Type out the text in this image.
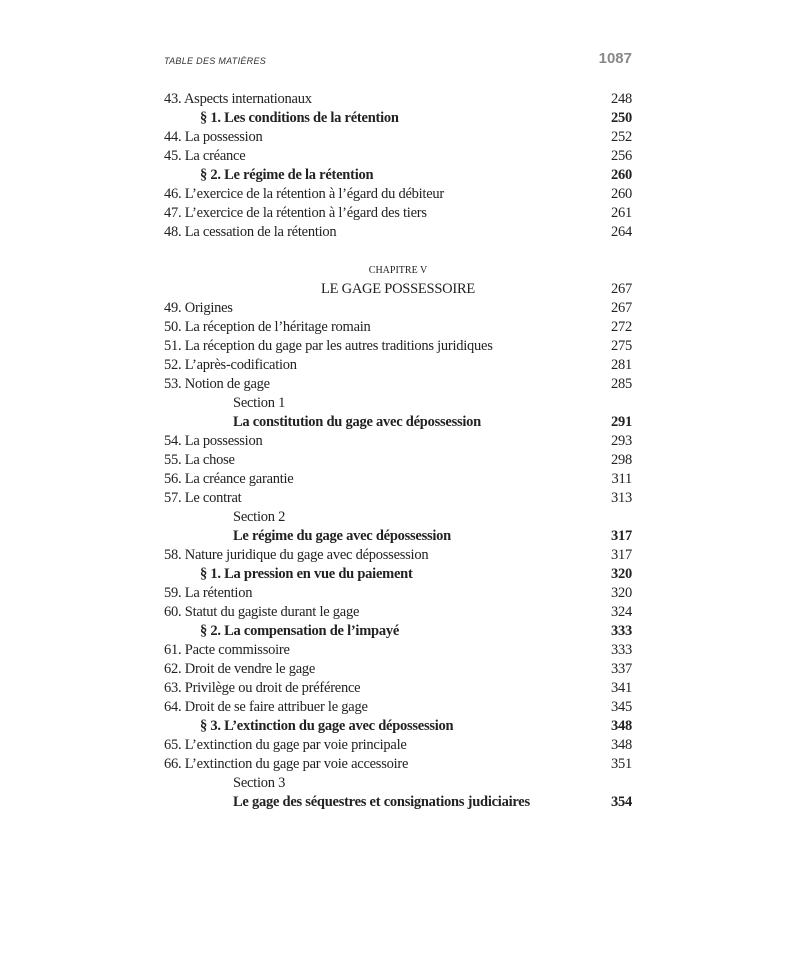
TABLE DES MATIÈRES	1087
43. Aspects internationaux	248
§ 1. Les conditions de la rétention	250
44. La possession	252
45. La créance	256
§ 2. Le régime de la rétention	260
46. L’exercice de la rétention à l’égard du débiteur	260
47. L’exercice de la rétention à l’égard des tiers	261
48. La cessation de la rétention	264
CHAPITRE V
LE GAGE POSSESSOIRE	267
49. Origines	267
50. La réception de l’héritage romain	272
51. La réception du gage par les autres traditions juridiques	275
52. L’après-codification	281
53. Notion de gage	285
Section 1
La constitution du gage avec dépossession	291
54. La possession	293
55. La chose	298
56. La créance garantie	311
57. Le contrat	313
Section 2
Le régime du gage avec dépossession	317
58. Nature juridique du gage avec dépossession	317
§ 1. La pression en vue du paiement	320
59. La rétention	320
60. Statut du gagiste durant le gage	324
§ 2. La compensation de l’impayé	333
61. Pacte commissoire	333
62. Droit de vendre le gage	337
63. Privilège ou droit de préférence	341
64. Droit de se faire attribuer le gage	345
§ 3. L’extinction du gage avec dépossession	348
65. L’extinction du gage par voie principale	348
66. L’extinction du gage par voie accessoire	351
Section 3
Le gage des séquestres et consignations judiciaires	354
